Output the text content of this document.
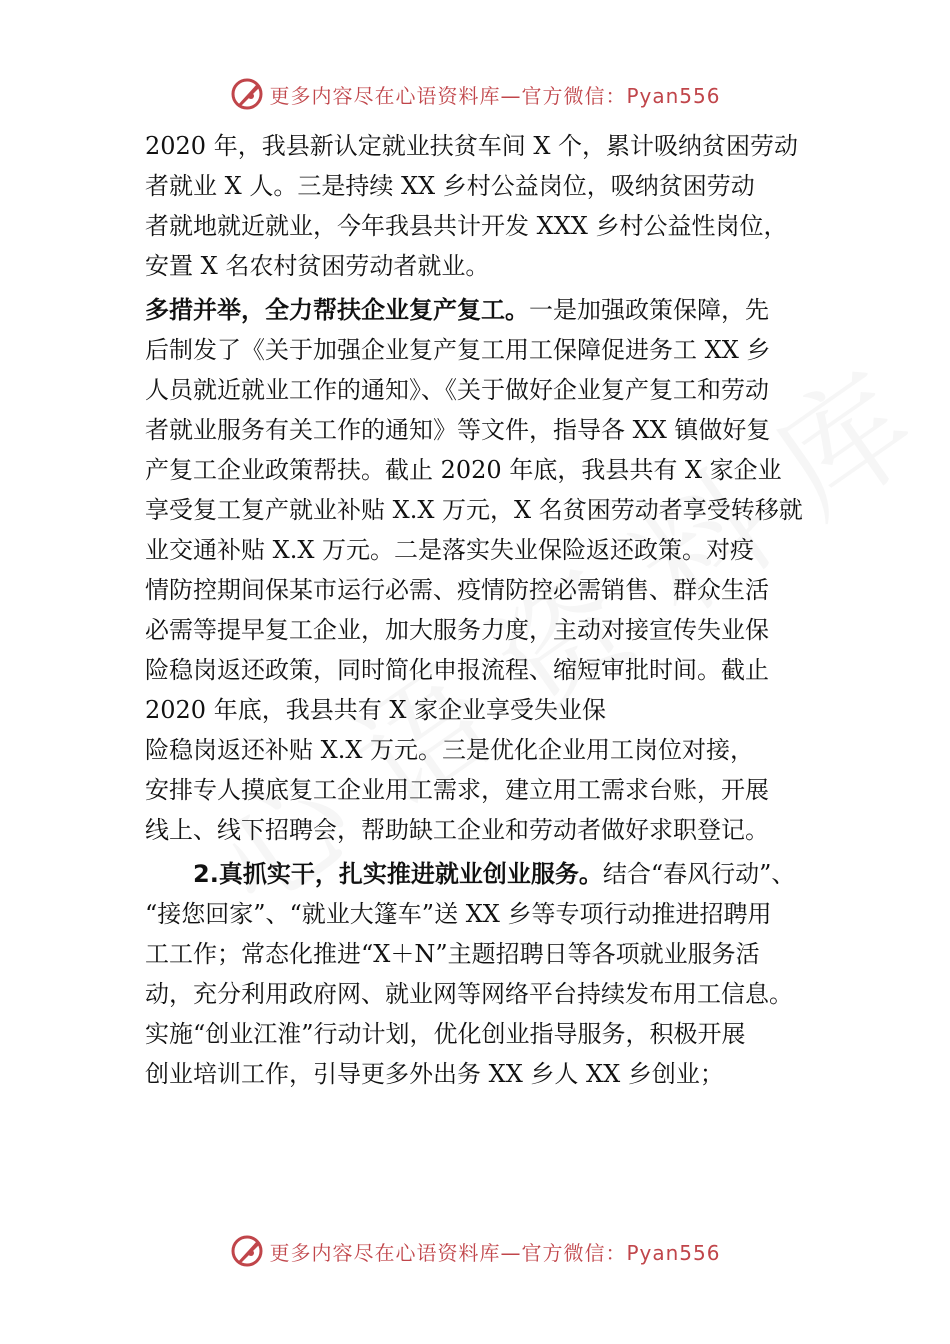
更多内容尽在心语资料库—官方微信：Pyan556
2020 年，我县新认定就业扶贫车间 X 个，累计吸纳贫困劳动
者就业 X 人。三是持续 XX 乡村公益岗位，吸纳贫困劳动
者就地就近就业，今年我县共计开发 XXX 乡村公益性岗位，
安置 X 名农村贫困劳动者就业。
多措并举，全力帮扶企业复产复工。一是加强政策保障，先
后制发了《关于加强企业复产复工用工保障促进务工 XX 乡
人员就近就业工作的通知》、《关于做好企业复产复工和劳动
者就业服务有关工作的通知》等文件，指导各 XX 镇做好复
产复工企业政策帮扶。截止 2020 年底，我县共有 X 家企业
享受复工复产就业补贴 X.X 万元，X 名贫困劳动者享受转移就
业交通补贴 X.X 万元。二是落实失业保险返还政策。对疫
情防控期间保某市运行必需、疫情防控必需销售、群众生活
必需等提早复工企业，加大服务力度，主动对接宣传失业保
险稳岗返还政策，同时简化申报流程、缩短审批时间。截止
2020 年底，我县共有 X 家企业享受失业保
险稳岗返还补贴 X.X 万元。三是优化企业用工岗位对接，
安排专人摸底复工企业用工需求，建立用工需求台账，开展
线上、线下招聘会，帮助缺工企业和劳动者做好求职登记。
2.真抓实干，扎实推进就业创业服务。结合“春风行动”、
“接您回家”、“就业大篷车”送 XX 乡等专项行动推进招聘用
工工作；常态化推进“X＋N”主题招聘日等各项就业服务活
动，充分利用政府网、就业网等网络平台持续发布用工信息。
实施“创业江淮”行动计划，优化创业指导服务，积极开展
创业培训工作，引导更多外出务 XX 乡人 XX 乡创业；
更多内容尽在心语资料库—官方微信：Pyan556
